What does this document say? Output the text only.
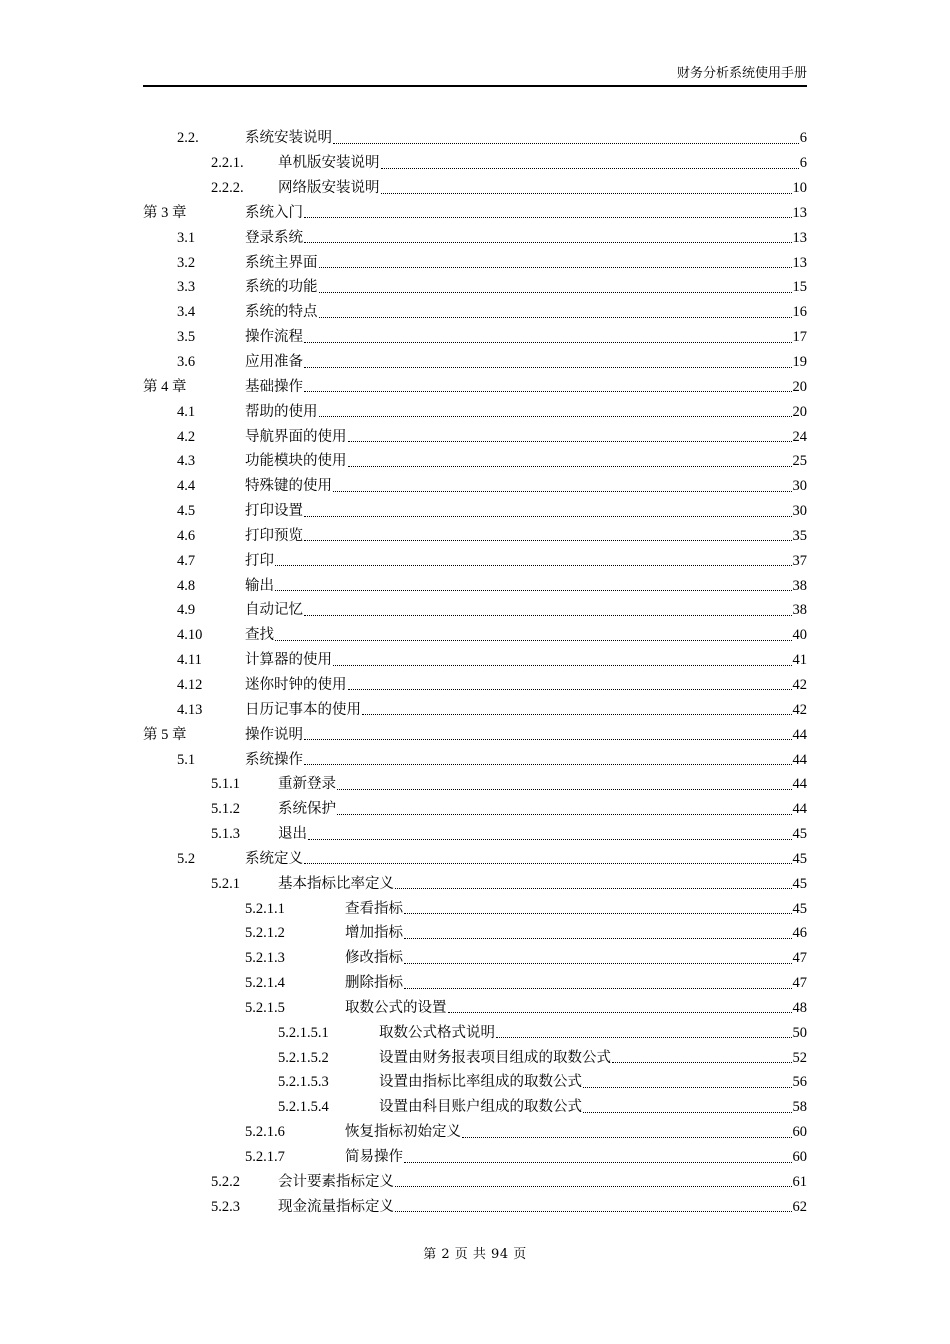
财务分析系统使用手册
2.2.	系统安装说明	6
2.2.1. 单机版安装说明	6
2.2.2. 网络版安装说明	10
第 3 章	系统入门	13
3.1	登录系统	13
3.2	系统主界面	13
3.3	系统的功能	15
3.4	系统的特点	16
3.5	操作流程	17
3.6	应用准备	19
第 4 章	基础操作	20
4.1	帮助的使用	20
4.2	导航界面的使用	24
4.3	功能模块的使用	25
4.4	特殊键的使用	30
4.5	打印设置	30
4.6	打印预览	35
4.7	打印	37
4.8	输出	38
4.9	自动记忆	38
4.10	查找	40
4.11	计算器的使用	41
4.12	迷你时钟的使用	42
4.13	日历记事本的使用	42
第 5 章	操作说明	44
5.1	系统操作	44
5.1.1	重新登录	44
5.1.2	系统保护	44
5.1.3	退出	45
5.2	系统定义	45
5.2.1	基本指标比率定义	45
5.2.1.1	查看指标	45
5.2.1.2	增加指标	46
5.2.1.3	修改指标	47
5.2.1.4	删除指标	47
5.2.1.5	取数公式的设置	48
5.2.1.5.1	取数公式格式说明	50
5.2.1.5.2	设置由财务报表项目组成的取数公式	52
5.2.1.5.3	设置由指标比率组成的取数公式	56
5.2.1.5.4	设置由科目账户组成的取数公式	58
5.2.1.6	恢复指标初始定义	60
5.2.1.7	简易操作	60
5.2.2	会计要素指标定义	61
5.2.3	现金流量指标定义	62
第 2 页 共 94 页
